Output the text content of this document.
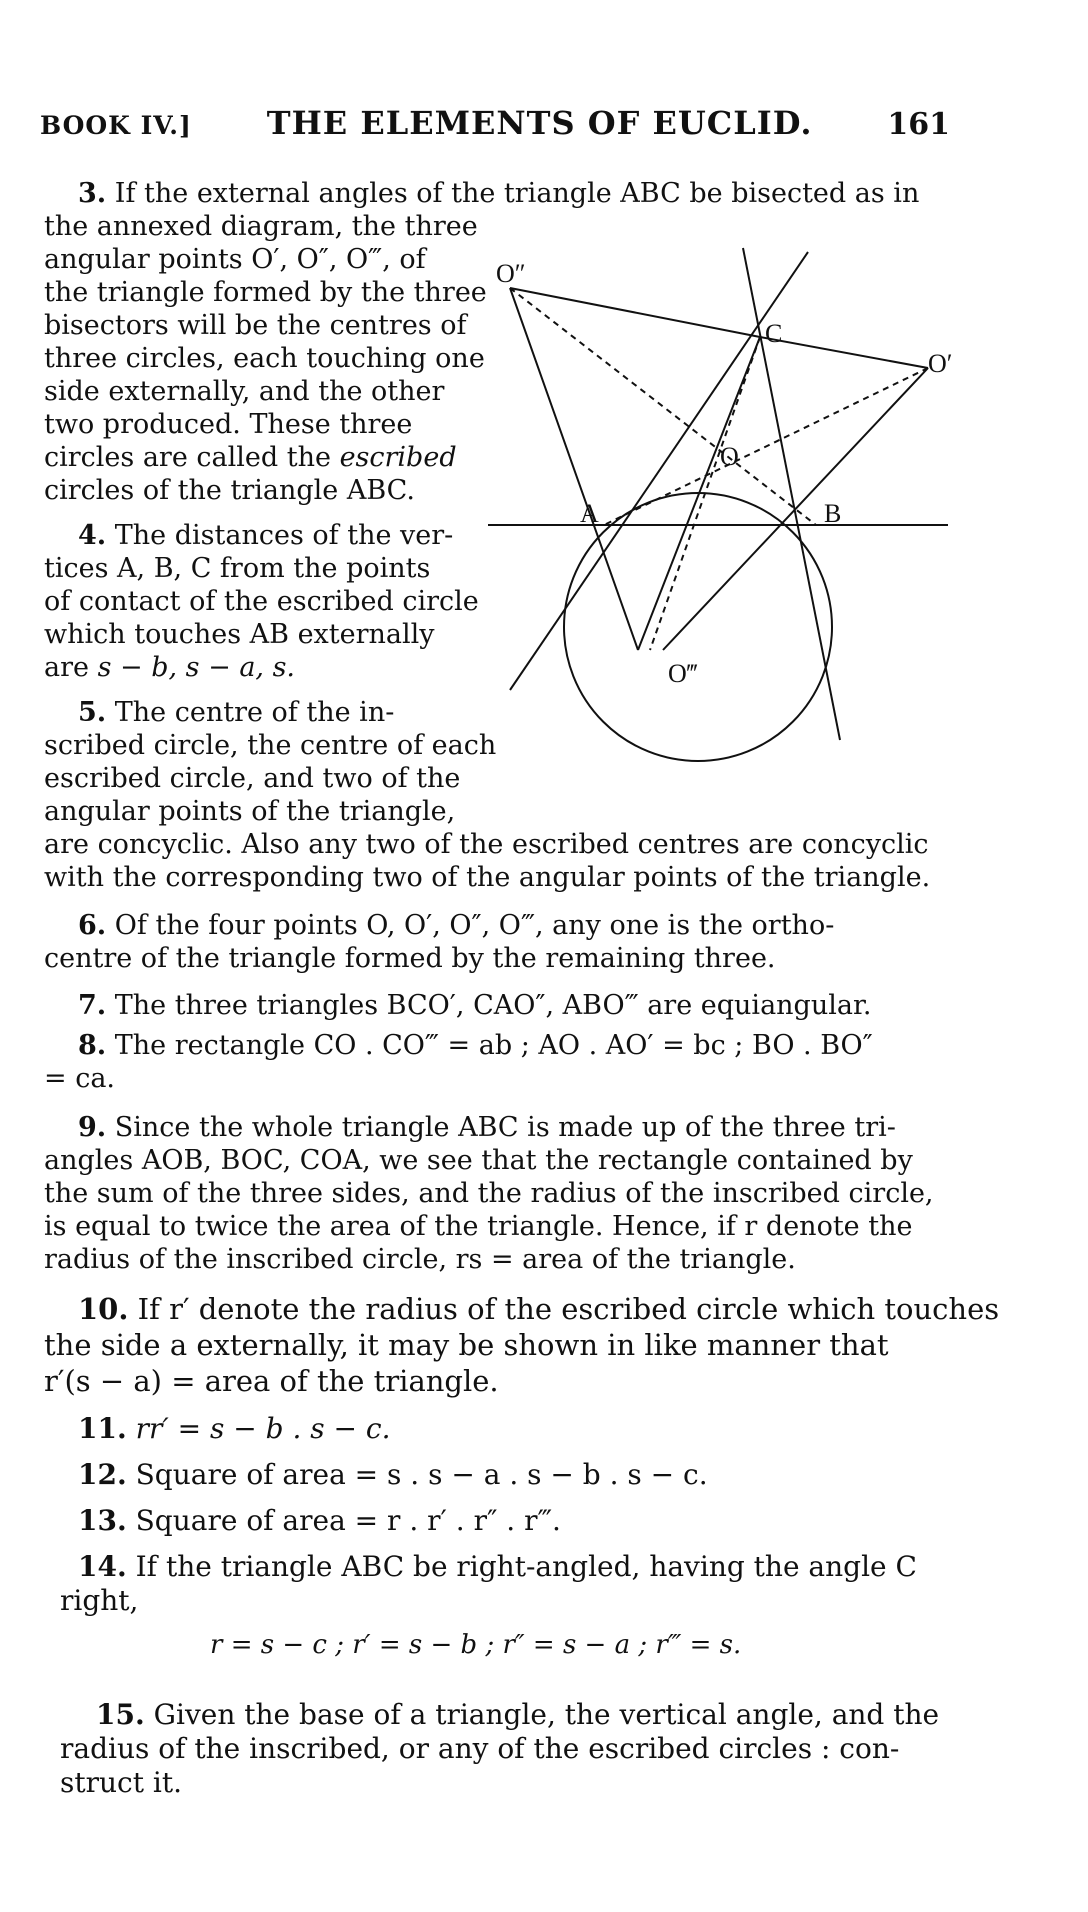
BOOK IV.] THE ELEMENTS OF EUCLID. 161
O″
C
O′
O
A	B
O‴
3. If the external angles of the triangle ABC be bisected as in
the annexed diagram, the three
angular points O′, O″, O‴, of
the triangle formed by the three
bisectors will be the centres of
three circles, each touching one
side externally, and the other
two produced. These three
circles are called the escribed
circles of the triangle ABC.
4. The distances of the ver-
tices A, B, C from the points
of contact of the escribed circle
which touches AB externally
are s − b, s − a, s.
5. The centre of the in-
scribed circle, the centre of each
escribed circle, and two of the
angular points of the triangle,
are concyclic. Also any two of the escribed centres are concyclic
with the corresponding two of the angular points of the triangle.
6. Of the four points O, O′, O″, O‴, any one is the ortho-
centre of the triangle formed by the remaining three.
7. The three triangles BCO′, CAO″, ABO‴ are equiangular.
8. The rectangle CO . CO‴ = ab ; AO . AO′ = bc ; BO . BO″
= ca.
9. Since the whole triangle ABC is made up of the three tri-
angles AOB, BOC, COA, we see that the rectangle contained by
the sum of the three sides, and the radius of the inscribed circle,
is equal to twice the area of the triangle. Hence, if r denote the
radius of the inscribed circle, rs = area of the triangle.
10. If r′ denote the radius of the escribed circle which touches
the side a externally, it may be shown in like manner that
r′(s − a) = area of the triangle.
11. rr′ = s − b . s − c.
12. Square of area = s . s − a . s − b . s − c.
13. Square of area = r . r′ . r″ . r‴.
14. If the triangle ABC be right-angled, having the angle C
right,
r = s − c ; r′ = s − b ; r″ = s − a ; r‴ = s.
15. Given the base of a triangle, the vertical angle, and the
radius of the inscribed, or any of the escribed circles : con-
struct it.
